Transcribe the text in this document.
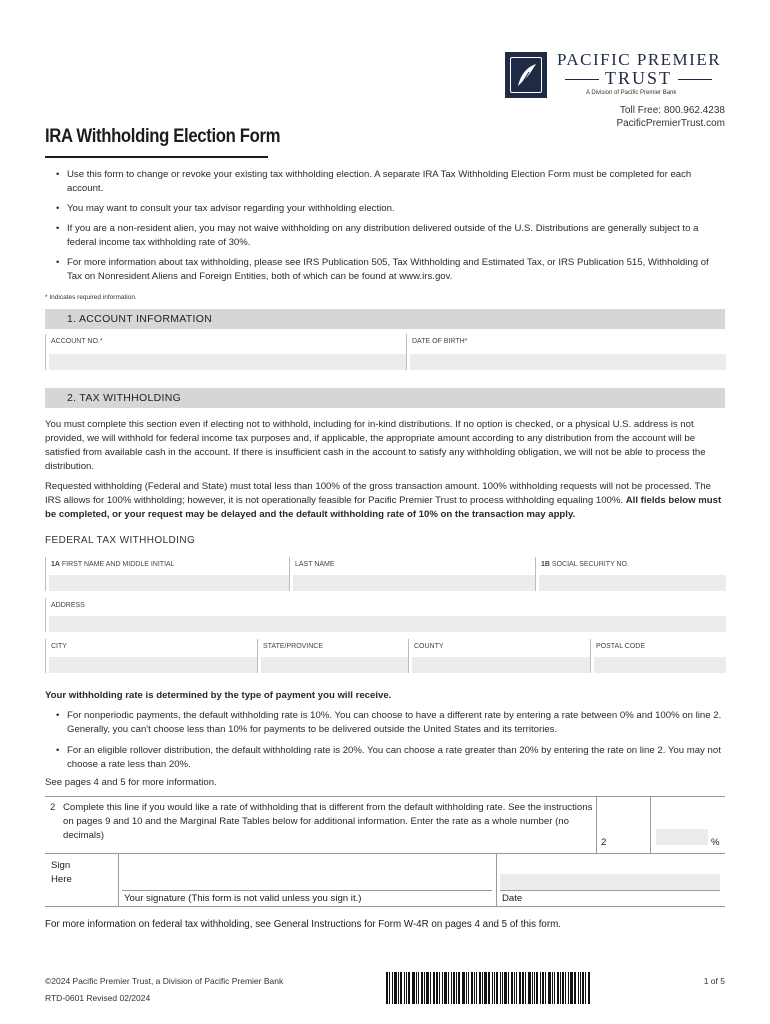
PACIFIC PREMIER
TRUST
A Division of Pacific Premier Bank
Toll Free: 800.962.4238
PacificPremierTrust.com
IRA Withholding Election Form
• Use this form to change or revoke your existing tax withholding election. A separate IRA Tax Withholding Election Form must be completed for each account.
• You may want to consult your tax advisor regarding your withholding election.
• If you are a non-resident alien, you may not waive withholding on any distribution delivered outside of the U.S. Distributions are generally subject to a federal income tax withholding rate of 30%.
• For more information about tax withholding, please see IRS Publication 505, Tax Withholding and Estimated Tax, or IRS Publication 515, Withholding of Tax on Nonresident Aliens and Foreign Entities, both of which can be found at www.irs.gov.
* Indicates required information.
1. ACCOUNT INFORMATION
ACCOUNT NO.*	DATE OF BIRTH*
2. TAX WITHHOLDING
You must complete this section even if electing not to withhold, including for in-kind distributions. If no option is checked, or a physical U.S. address is not provided, we will withhold for federal income tax purposes and, if applicable, the appropriate amount according to any distribution from the account will be satisfied from available cash in the account. If there is insufficient cash in the account to satisfy any withholding obligation, we will not be able to process the distribution.
Requested withholding (Federal and State) must total less than 100% of the gross transaction amount. 100% withholding requests will not be processed. The IRS allows for 100% withholding; however, it is not operationally feasible for Pacific Premier Trust to process withholding equaling 100%. All fields below must be completed, or your request may be delayed and the default withholding rate of 10% on the transaction may apply.
FEDERAL TAX WITHHOLDING
1A FIRST NAME AND MIDDLE INITIAL	LAST NAME	1B SOCIAL SECURITY NO.
ADDRESS
CITY	STATE/PROVINCE	COUNTY	POSTAL CODE
Your withholding rate is determined by the type of payment you will receive.
• For nonperiodic payments, the default withholding rate is 10%. You can choose to have a different rate by entering a rate between 0% and 100% on line 2. Generally, you can't choose less than 10% for payments to be delivered outside the United States and its territories.
• For an eligible rollover distribution, the default withholding rate is 20%. You can choose a rate greater than 20% by entering the rate on line 2. You may not choose a rate less than 20%.
See pages 4 and 5 for more information.
2 Complete this line if you would like a rate of withholding that is different from the default withholding rate. See the instructions on pages 9 and 10 and the Marginal Rate Tables below for additional information. Enter the rate as a whole number (no decimals)
2	%
Sign Here
Your signature (This form is not valid unless you sign it.)	Date
For more information on federal tax withholding, see General Instructions for Form W-4R on pages 4 and 5 of this form.
©2024 Pacific Premier Trust, a Division of Pacific Premier Bank
RTD-0601 Revised 02/2024
1 of 5
